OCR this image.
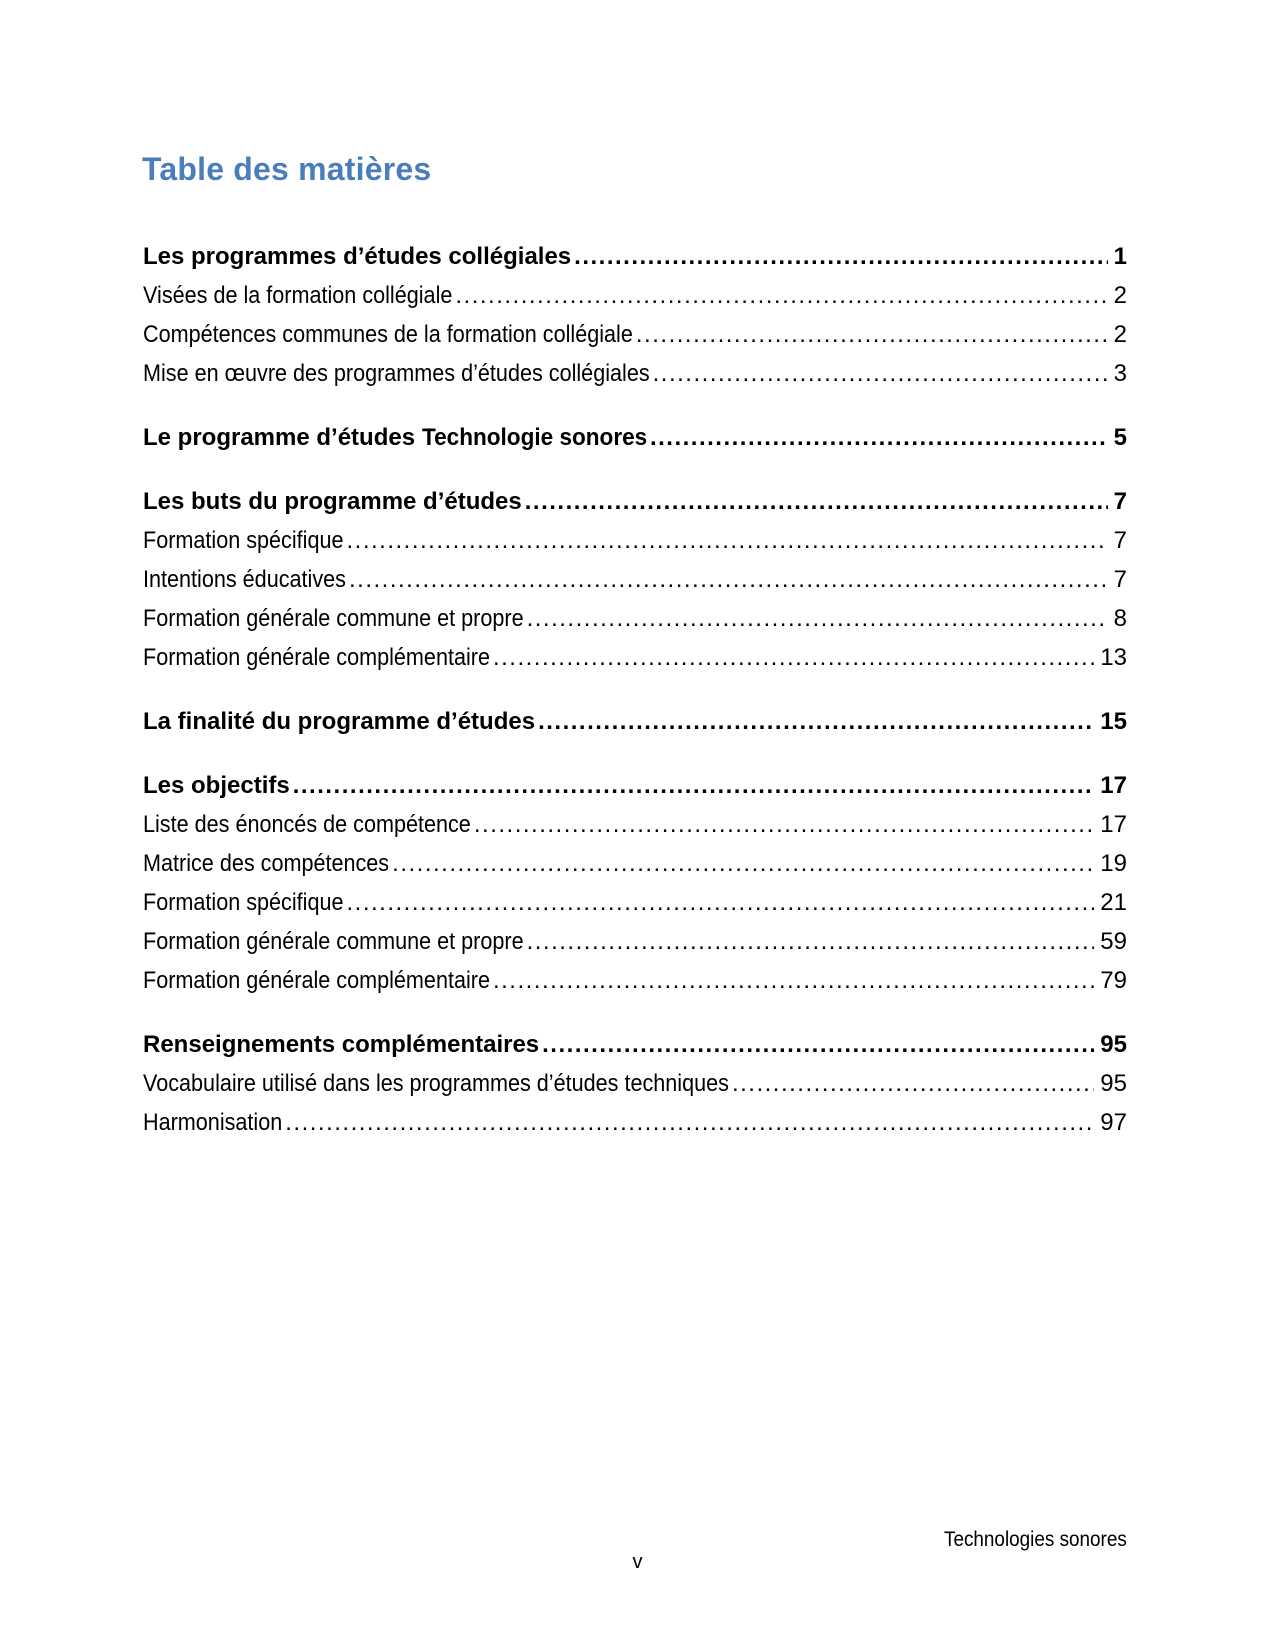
Table des matières
Les programmes d’études collégiales .....	1
Visées de la formation collégiale .....	2
Compétences communes de la formation collégiale .....	2
Mise en œuvre des programmes d’études collégiales .....	3
Le programme d’études Technologie sonores .....	5
Les buts du programme d’études .....	7
Formation spécifique .....	7
Intentions éducatives .....	7
Formation générale commune et propre .....	8
Formation générale complémentaire .....	13
La finalité du programme d’études .....	15
Les objectifs .....	17
Liste des énoncés de compétence .....	17
Matrice des compétences .....	19
Formation spécifique .....	21
Formation générale commune et propre .....	59
Formation générale complémentaire .....	79
Renseignements complémentaires .....	95
Vocabulaire utilisé dans les programmes d’études techniques .....	95
Harmonisation .....	97
Technologies sonores
v
